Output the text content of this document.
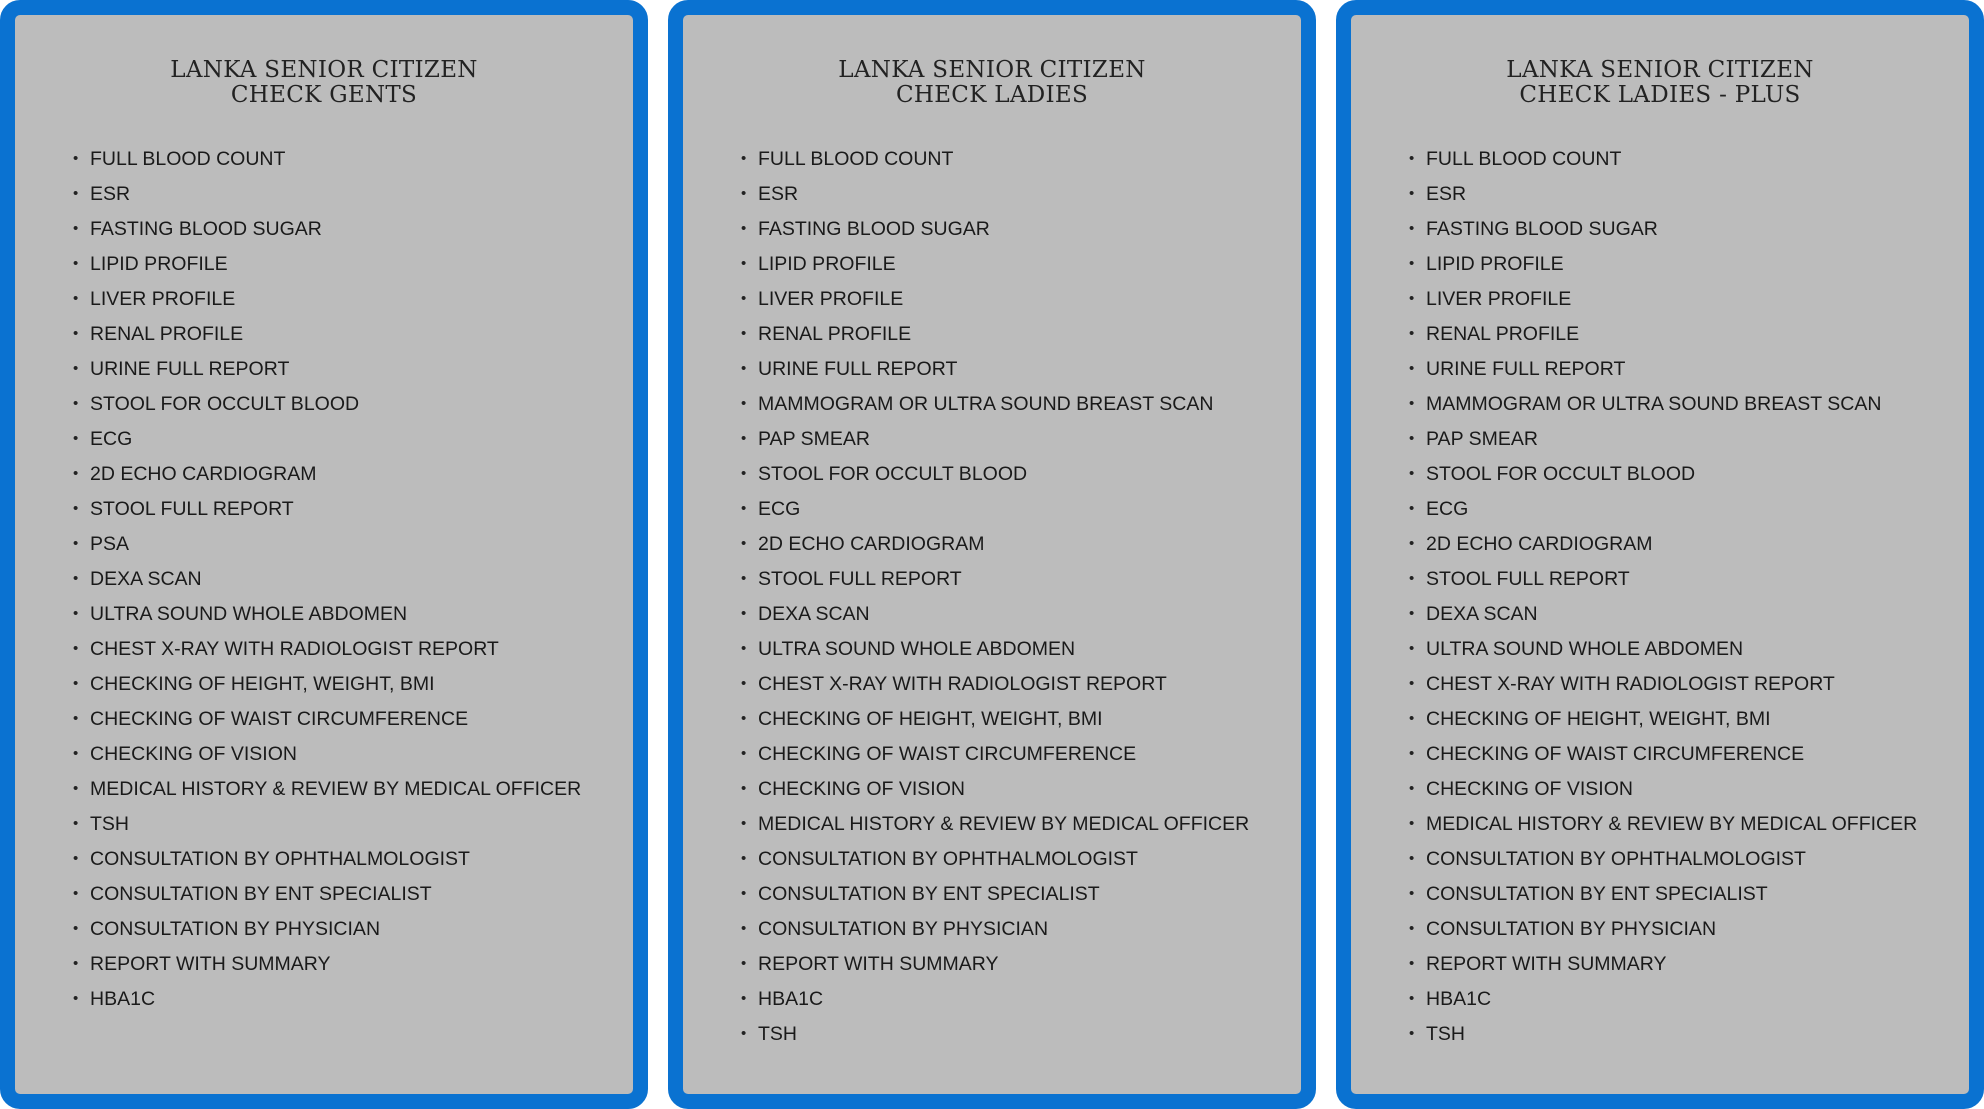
LANKA SENIOR CITIZEN
CHECK GENTS
• FULL BLOOD COUNT
• ESR
• FASTING BLOOD SUGAR
• LIPID PROFILE
• LIVER PROFILE
• RENAL PROFILE
• URINE FULL REPORT
• STOOL FOR OCCULT BLOOD
• ECG
• 2D ECHO CARDIOGRAM
• STOOL FULL REPORT
• PSA
• DEXA SCAN
• ULTRA SOUND WHOLE ABDOMEN
• CHEST X-RAY WITH RADIOLOGIST REPORT
• CHECKING OF HEIGHT, WEIGHT, BMI
• CHECKING OF WAIST CIRCUMFERENCE
• CHECKING OF VISION
• MEDICAL HISTORY & REVIEW BY MEDICAL OFFICER
• TSH
• CONSULTATION BY OPHTHALMOLOGIST
• CONSULTATION BY ENT SPECIALIST
• CONSULTATION BY PHYSICIAN
• REPORT WITH SUMMARY
• HBA1C
LANKA SENIOR CITIZEN
CHECK LADIES
• FULL BLOOD COUNT
• ESR
• FASTING BLOOD SUGAR
• LIPID PROFILE
• LIVER PROFILE
• RENAL PROFILE
• URINE FULL REPORT
• MAMMOGRAM OR ULTRA SOUND BREAST SCAN
• PAP SMEAR
• STOOL FOR OCCULT BLOOD
• ECG
• 2D ECHO CARDIOGRAM
• STOOL FULL REPORT
• DEXA SCAN
• ULTRA SOUND WHOLE ABDOMEN
• CHEST X-RAY WITH RADIOLOGIST REPORT
• CHECKING OF HEIGHT, WEIGHT, BMI
• CHECKING OF WAIST CIRCUMFERENCE
• CHECKING OF VISION
• MEDICAL HISTORY & REVIEW BY MEDICAL OFFICER
• CONSULTATION BY OPHTHALMOLOGIST
• CONSULTATION BY ENT SPECIALIST
• CONSULTATION BY PHYSICIAN
• REPORT WITH SUMMARY
• HBA1C
• TSH
LANKA SENIOR CITIZEN
CHECK LADIES - PLUS
• FULL BLOOD COUNT
• ESR
• FASTING BLOOD SUGAR
• LIPID PROFILE
• LIVER PROFILE
• RENAL PROFILE
• URINE FULL REPORT
• MAMMOGRAM OR ULTRA SOUND BREAST SCAN
• PAP SMEAR
• STOOL FOR OCCULT BLOOD
• ECG
• 2D ECHO CARDIOGRAM
• STOOL FULL REPORT
• DEXA SCAN
• ULTRA SOUND WHOLE ABDOMEN
• CHEST X-RAY WITH RADIOLOGIST REPORT
• CHECKING OF HEIGHT, WEIGHT, BMI
• CHECKING OF WAIST CIRCUMFERENCE
• CHECKING OF VISION
• MEDICAL HISTORY & REVIEW BY MEDICAL OFFICER
• CONSULTATION BY OPHTHALMOLOGIST
• CONSULTATION BY ENT SPECIALIST
• CONSULTATION BY PHYSICIAN
• REPORT WITH SUMMARY
• HBA1C
• TSH
